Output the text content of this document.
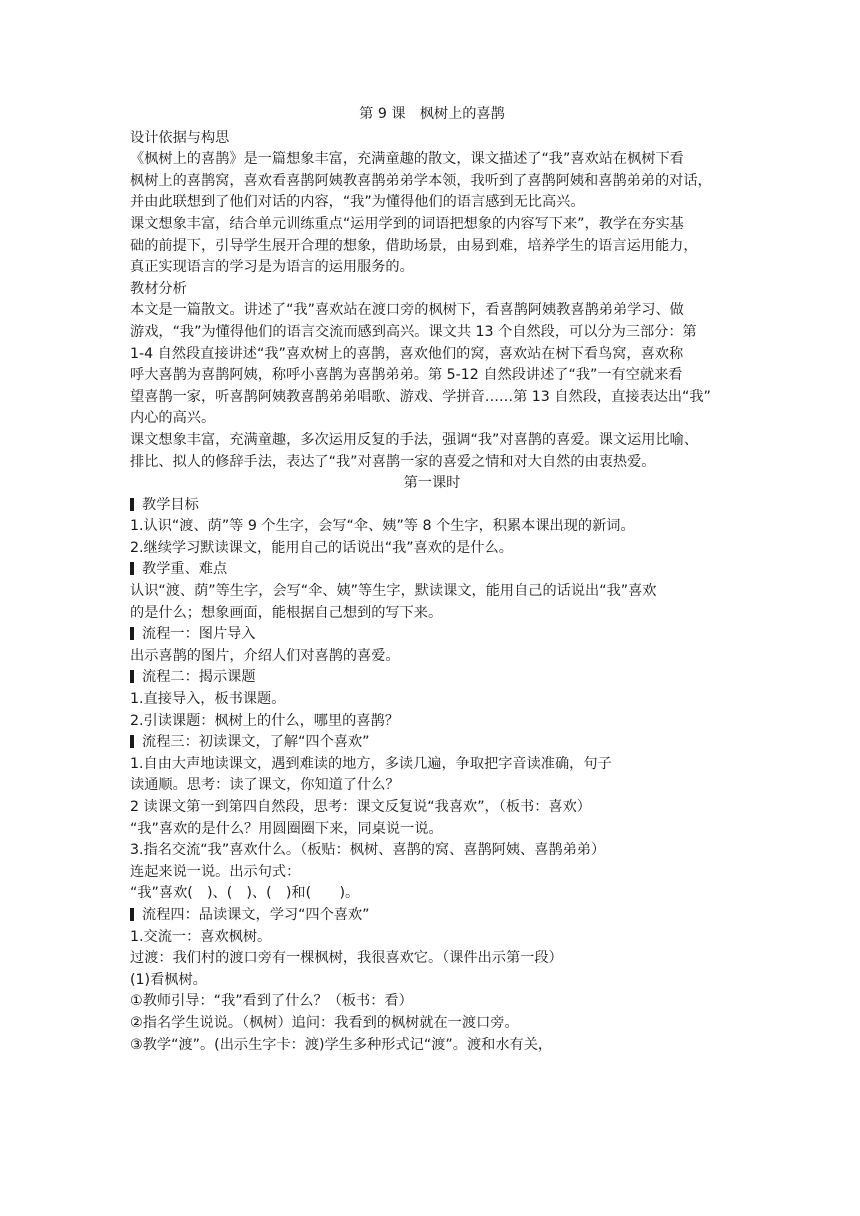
第 9 课　枫树上的喜鹊
设计依据与构思
《枫树上的喜鹊》是一篇想象丰富，充满童趣的散文，课文描述了“我”喜欢站在枫树下看
枫树上的喜鹊窝，喜欢看喜鹊阿姨教喜鹊弟弟学本领，我听到了喜鹊阿姨和喜鹊弟弟的对话，
并由此联想到了他们对话的内容，“我”为懂得他们的语言感到无比高兴。
课文想象丰富，结合单元训练重点“运用学到的词语把想象的内容写下来”，教学在夯实基
础的前提下，引导学生展开合理的想象，借助场景，由易到难，培养学生的语言运用能力，
真正实现语言的学习是为语言的运用服务的。
教材分析
本文是一篇散文。讲述了“我”喜欢站在渡口旁的枫树下，看喜鹊阿姨教喜鹊弟弟学习、做
游戏，“我”为懂得他们的语言交流而感到高兴。课文共 13 个自然段，可以分为三部分：第
1-4 自然段直接讲述“我”喜欢树上的喜鹊，喜欢他们的窝，喜欢站在树下看鸟窝，喜欢称
呼大喜鹊为喜鹊阿姨，称呼小喜鹊为喜鹊弟弟。第 5-12 自然段讲述了“我”一有空就来看
望喜鹊一家，听喜鹊阿姨教喜鹊弟弟唱歌、游戏、学拼音……第 13 自然段，直接表达出“我”
内心的高兴。
课文想象丰富，充满童趣，多次运用反复的手法，强调“我”对喜鹊的喜爱。课文运用比喻、
排比、拟人的修辞手法，表达了“我”对喜鹊一家的喜爱之情和对大自然的由衷热爱。
第一课时
教学目标
1.认识“渡、荫”等 9 个生字，会写“伞、姨”等 8 个生字，积累本课出现的新词。
2.继续学习默读课文，能用自己的话说出“我”喜欢的是什么。
教学重、难点
认识“渡、荫”等生字，会写“伞、姨”等生字，默读课文，能用自己的话说出“我”喜欢
的是什么；想象画面，能根据自己想到的写下来。
流程一：图片导入
出示喜鹊的图片，介绍人们对喜鹊的喜爱。
流程二：揭示课题
1.直接导入，板书课题。
2.引读课题：枫树上的什么，哪里的喜鹊？
流程三：初读课文，了解“四个喜欢”
1.自由大声地读课文，遇到难读的地方，多读几遍，争取把字音读准确，句子
读通顺。思考：读了课文，你知道了什么？
2 读课文第一到第四自然段，思考：课文反复说“我喜欢”，（板书：喜欢）
“我”喜欢的是什么？用圆圈圈下来，同桌说一说。
3.指名交流“我”喜欢什么。（板贴：枫树、喜鹊的窝、喜鹊阿姨、喜鹊弟弟）
连起来说一说。出示句式：
“我”喜欢(　)、(　)、(　)和(　　)。
流程四：品读课文，学习“四个喜欢”
1.交流一：喜欢枫树。
过渡：我们村的渡口旁有一棵枫树，我很喜欢它。（课件出示第一段）
(1)看枫树。
①教师引导：“我”看到了什么？（板书：看）
②指名学生说说。（枫树）追问：我看到的枫树就在一渡口旁。
③教学“渡”。(出示生字卡：渡)学生多种形式记“渡”。渡和水有关，
